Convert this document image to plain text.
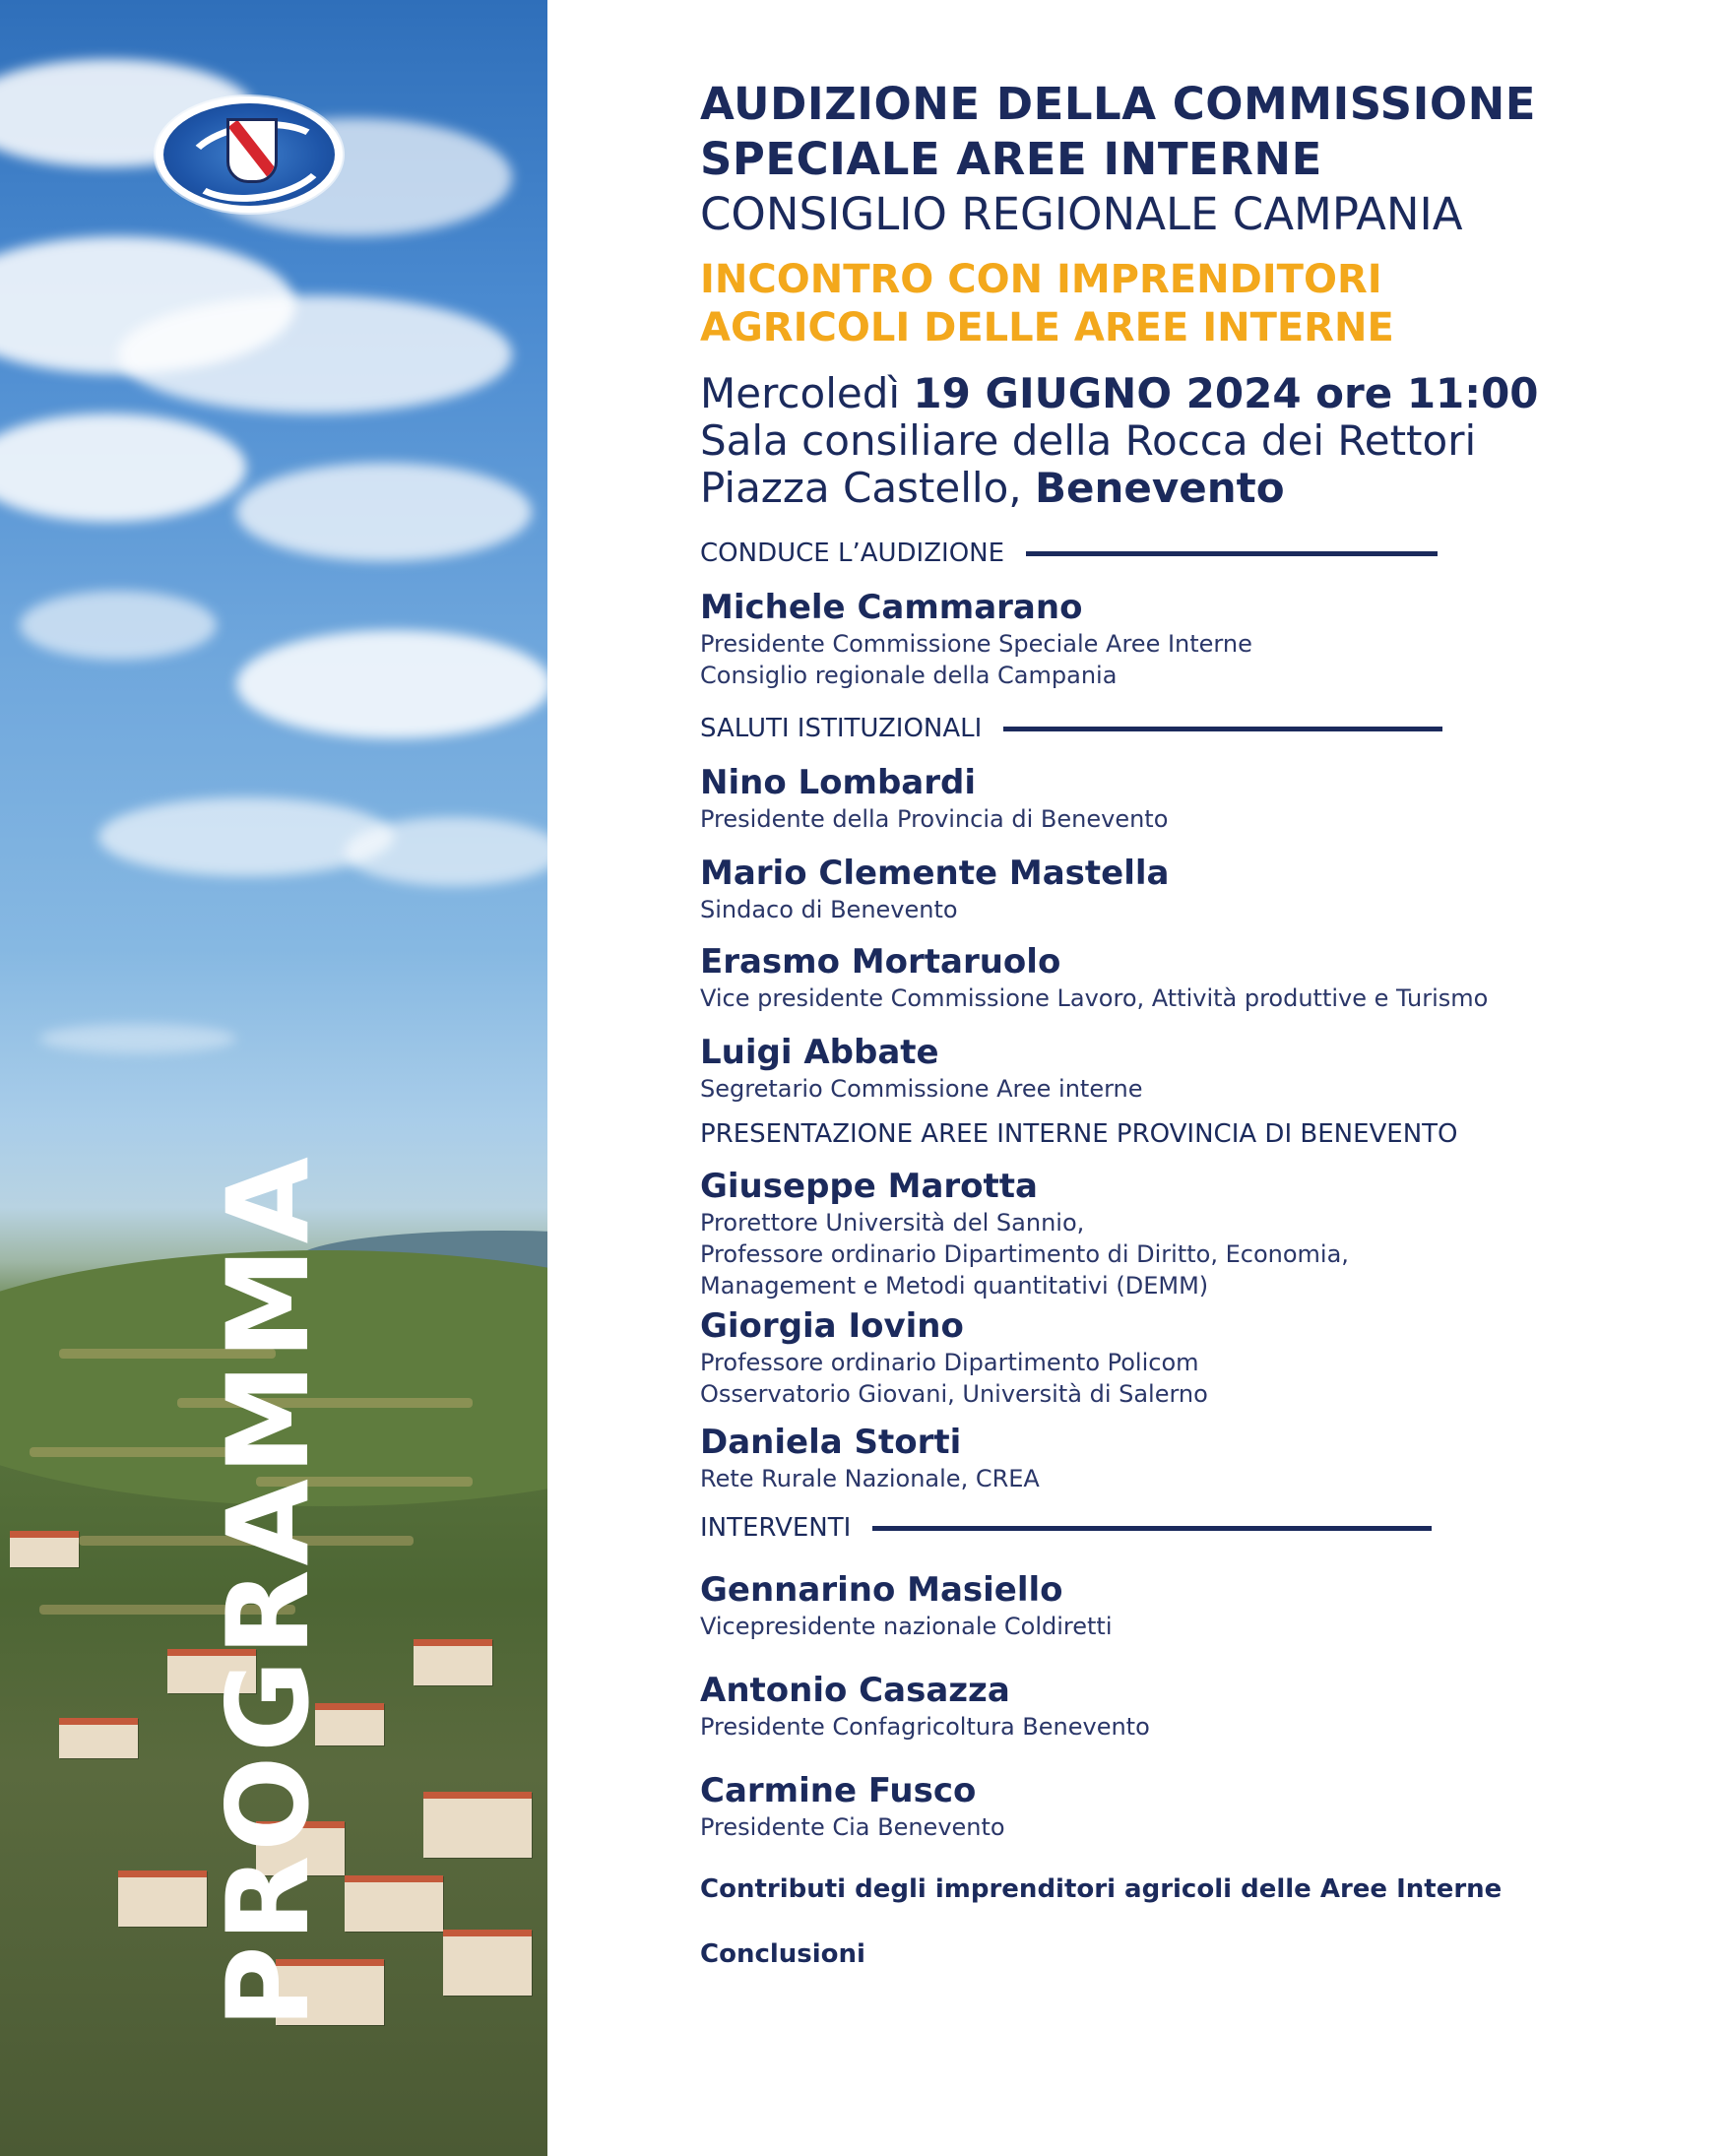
PROGRAMMA

AUDIZIONE DELLA COMMISSIONE

SPECIALE AREE INTERNE

CONSIGLIO REGIONALE CAMPANIA

INCONTRO CON IMPRENDITORI

AGRICOLI DELLE AREE INTERNE

Mercoledì 19 GIUGNO 2024 ore 11:00
Sala consiliare della Rocca dei Rettori
Piazza Castello, Benevento
CONDUCE L’AUDIZIONE

Michele Cammarano

Presidente Commissione Speciale Aree Interne

Consiglio regionale della Campania

SALUTI ISTITUZIONALI

Nino Lombardi

Presidente della Provincia di Benevento

Mario Clemente Mastella

Sindaco di Benevento

Erasmo Mortaruolo

Vice presidente Commissione Lavoro, Attività produttive e Turismo

Luigi Abbate

Segretario Commissione Aree interne

PRESENTAZIONE AREE INTERNE PROVINCIA DI BENEVENTO

Giuseppe Marotta

Prorettore Università del Sannio,

Professore ordinario Dipartimento di Diritto, Economia,

Management e Metodi quantitativi (DEMM)

Giorgia Iovino

Professore ordinario Dipartimento Policom

Osservatorio Giovani, Università di Salerno

Daniela Storti

Rete Rurale Nazionale, CREA

INTERVENTI

Gennarino Masiello

Vicepresidente nazionale Coldiretti

Antonio Casazza

Presidente Confagricoltura Benevento

Carmine Fusco

Presidente Cia Benevento

Contributi degli imprenditori agricoli delle Aree Interne

Conclusioni
